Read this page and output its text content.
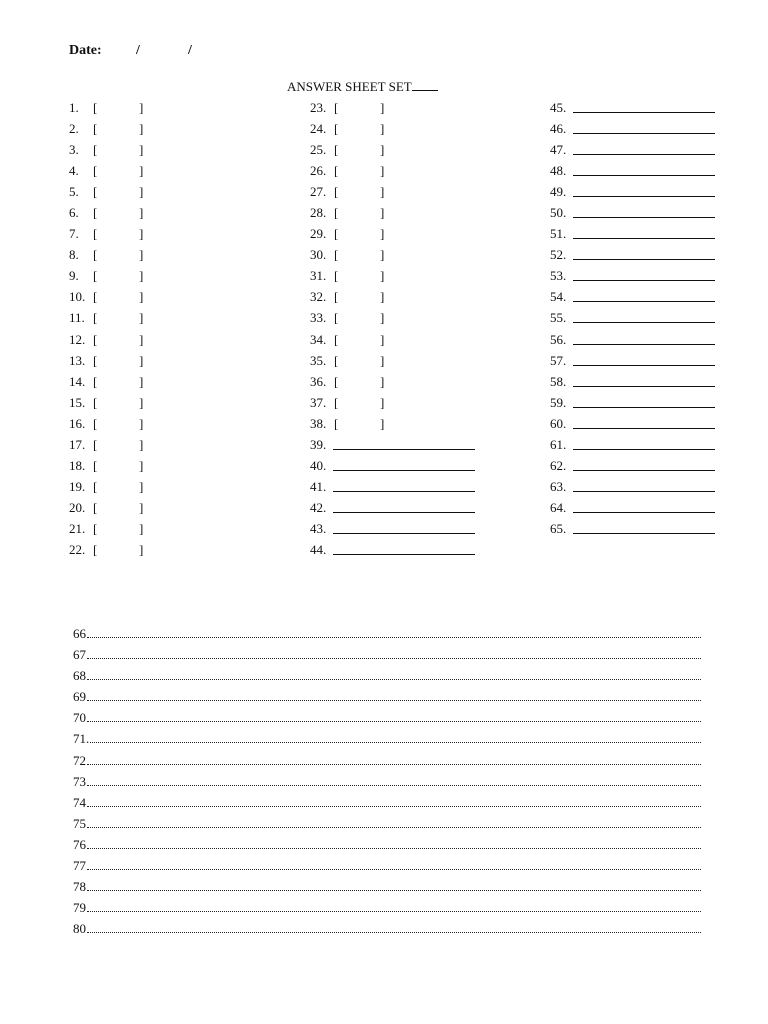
Date: /	/
ANSWER SHEET SET
1. [	]
2. [	]
3. [	]
4. [	]
5. [	]
6. [	]
7. [	]
8. [	]
9. [	]
10. [	]
11. [	]
12. [	]
13. [	]
14. [	]
15. [	]
16. [	]
17. [	]
18. [	]
19. [	]
20. [	]
21. [	]
22. [	]
23. [	]
24. [	]
25. [	]
26. [	]
27. [	]
28. [	]
29. [	]
30. [	]
31. [	]
32. [	]
33. [	]
34. [	]
35. [	]
36. [	]
37. [	]
38. [	]
39.
40.
41.
42.
43.
44.
45.
46.
47.
48.
49.
50.
51.
52.
53.
54.
55.
56.
57.
58.
59.
60.
61.
62.
63.
64.
65.
66
67
68
69
70
71.
72
73
74
75
76
77
78
79
80
